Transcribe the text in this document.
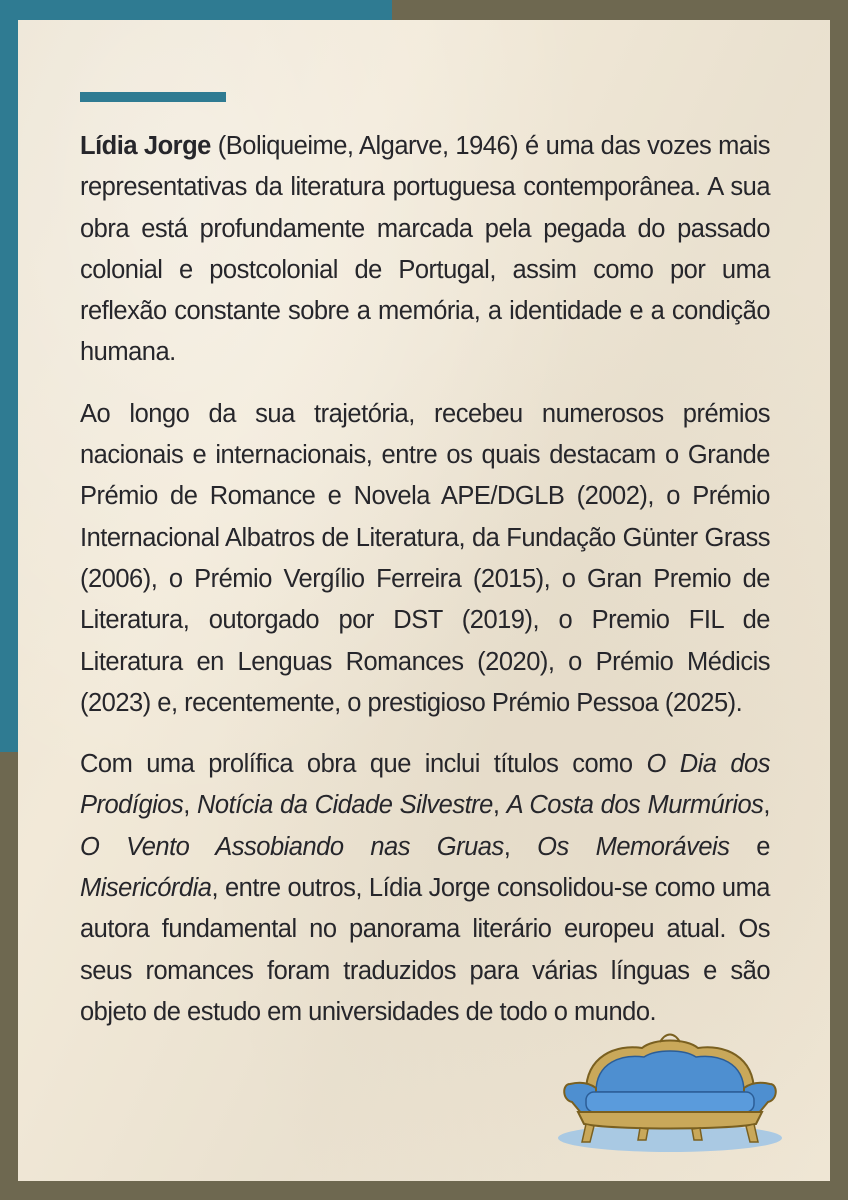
Lídia Jorge (Boliqueime, Algarve, 1946) é uma das vozes mais representativas da literatura portuguesa contemporânea. A sua obra está profundamente marcada pela pegada do passado colonial e postcolonial de Portugal, assim como por uma reflexão constante sobre a memória, a identidade e a condição humana.

Ao longo da sua trajetória, recebeu numerosos prémios nacionais e internacionais, entre os quais destacam o Grande Prémio de Romance e Novela APE/DGLB (2002), o Prémio Internacional Albatros de Literatura, da Fundação Günter Grass (2006), o Prémio Vergílio Ferreira (2015), o Gran Premio de Literatura, outorgado por DST (2019), o Premio FIL de Literatura en Lenguas Romances (2020), o Prémio Médicis (2023) e, recentemente, o prestigioso Prémio Pessoa (2025).

Com uma prolífica obra que inclui títulos como O Dia dos Prodígios, Notícia da Cidade Silvestre, A Costa dos Murmúrios, O Vento Assobiando nas Gruas, Os Memoráveis e Misericórdia, entre outros, Lídia Jorge consolidou-se como uma autora fundamental no panorama literário europeu atual. Os seus romances foram traduzidos para várias línguas e são objeto de estudo em universidades de todo o mundo.
